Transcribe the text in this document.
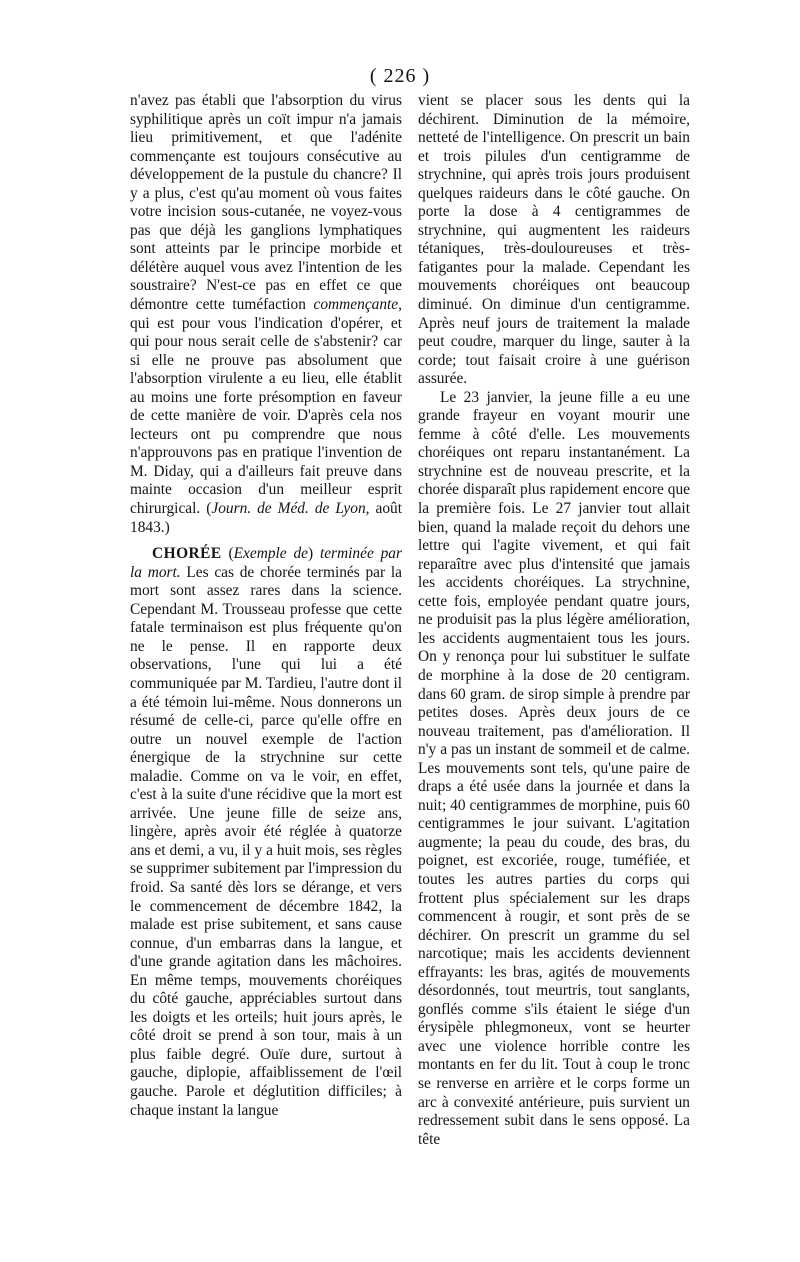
( 226 )

n'avez pas établi que l'absorption du virus syphilitique après un coït impur n'a jamais lieu primitivement, et que l'adénite commençante est toujours consécutive au développement de la pustule du chancre? Il y a plus, c'est qu'au moment où vous faites votre incision sous-cutanée, ne voyez-vous pas que déjà les ganglions lymphatiques sont atteints par le principe morbide et délétère auquel vous avez l'intention de les soustraire? N'est-ce pas en effet ce que démontre cette tuméfaction commençante, qui est pour vous l'indication d'opérer, et qui pour nous serait celle de s'abstenir? car si elle ne prouve pas absolument que l'absorption virulente a eu lieu, elle établit au moins une forte présomption en faveur de cette manière de voir. D'après cela nos lecteurs ont pu comprendre que nous n'approuvons pas en pratique l'invention de M. Diday, qui a d'ailleurs fait preuve dans mainte occasion d'un meilleur esprit chirurgical. (Journ. de Méd. de Lyon, août 1843.)

CHORÉE (Exemple de) terminée par la mort. Les cas de chorée terminés par la mort sont assez rares dans la science. Cependant M. Trousseau professe que cette fatale terminaison est plus fréquente qu'on ne le pense. Il en rapporte deux observations, l'une qui lui a été communiquée par M. Tardieu, l'autre dont il a été témoin lui-même. Nous donnerons un résumé de celle-ci, parce qu'elle offre en outre un nouvel exemple de l'action énergique de la strychnine sur cette maladie. Comme on va le voir, en effet, c'est à la suite d'une récidive que la mort est arrivée. Une jeune fille de seize ans, lingère, après avoir été réglée à quatorze ans et demi, a vu, il y a huit mois, ses règles se supprimer subitement par l'impression du froid. Sa santé dès lors se dérange, et vers le commencement de décembre 1842, la malade est prise subitement, et sans cause connue, d'un embarras dans la langue, et d'une grande agitation dans les mâchoires. En même temps, mouvements choréiques du côté gauche, appréciables surtout dans les doigts et les orteils; huit jours après, le côté droit se prend à son tour, mais à un plus faible degré. Ouïe dure, surtout à gauche, diplopie, affaiblissement de l'œil gauche. Parole et déglutition difficiles; à chaque instant la langue

vient se placer sous les dents qui la déchirent. Diminution de la mémoire, netteté de l'intelligence. On prescrit un bain et trois pilules d'un centigramme de strychnine, qui après trois jours produisent quelques raideurs dans le côté gauche. On porte la dose à 4 centigrammes de strychnine, qui augmentent les raideurs tétaniques, très-douloureuses et très-fatigantes pour la malade. Cependant les mouvements choréiques ont beaucoup diminué. On diminue d'un centigramme. Après neuf jours de traitement la malade peut coudre, marquer du linge, sauter à la corde; tout faisait croire à une guérison assurée.

Le 23 janvier, la jeune fille a eu une grande frayeur en voyant mourir une femme à côté d'elle. Les mouvements choréiques ont reparu instantanément. La strychnine est de nouveau prescrite, et la chorée disparaît plus rapidement encore que la première fois. Le 27 janvier tout allait bien, quand la malade reçoit du dehors une lettre qui l'agite vivement, et qui fait reparaître avec plus d'intensité que jamais les accidents choréiques. La strychnine, cette fois, employée pendant quatre jours, ne produisit pas la plus légère amélioration, les accidents augmentaient tous les jours. On y renonça pour lui substituer le sulfate de morphine à la dose de 20 centigram. dans 60 gram. de sirop simple à prendre par petites doses. Après deux jours de ce nouveau traitement, pas d'amélioration. Il n'y a pas un instant de sommeil et de calme. Les mouvements sont tels, qu'une paire de draps a été usée dans la journée et dans la nuit; 40 centigrammes de morphine, puis 60 centigrammes le jour suivant. L'agitation augmente; la peau du coude, des bras, du poignet, est excoriée, rouge, tuméfiée, et toutes les autres parties du corps qui frottent plus spécialement sur les draps commencent à rougir, et sont près de se déchirer. On prescrit un gramme du sel narcotique; mais les accidents deviennent effrayants: les bras, agités de mouvements désordonnés, tout meurtris, tout sanglants, gonflés comme s'ils étaient le siége d'un érysipèle phlegmoneux, vont se heurter avec une violence horrible contre les montants en fer du lit. Tout à coup le tronc se renverse en arrière et le corps forme un arc à convexité antérieure, puis survient un redressement subit dans le sens opposé. La tête
